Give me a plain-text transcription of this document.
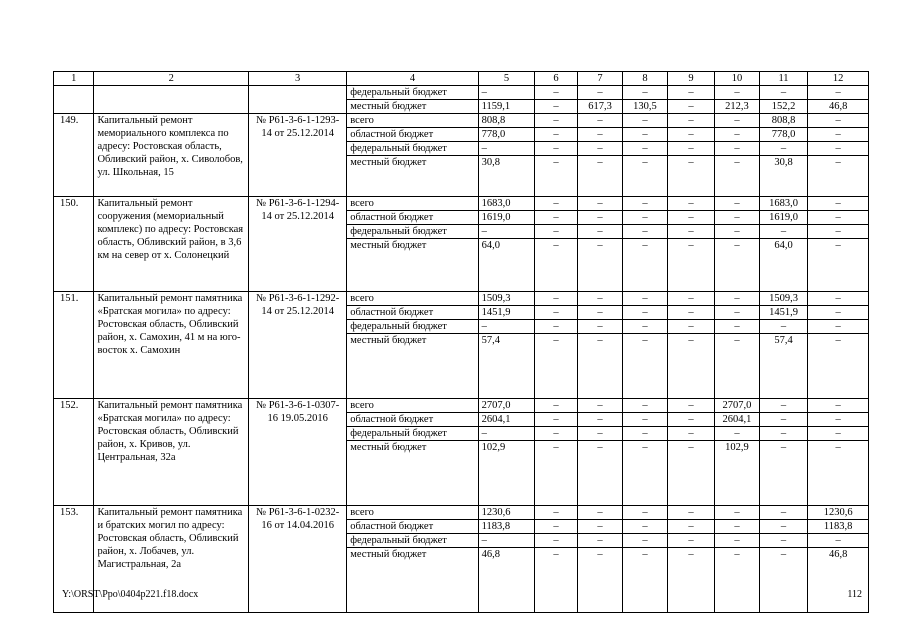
1	2	3	4	5	6	7	8	9	10	11	12
			федеральный бюджет	–	–	–	–	–	–	–	–
			местный бюджет	1159,1	–	617,3	130,5	–	212,3	152,2	46,8
149.	Капитальный ремонт мемориального комплекса по адресу: Ростовская область, Обливский район, х. Сиволобов, ул. Школьная, 15	№ Р61-3-6-1-1293-14 от 25.12.2014	всего	808,8	–	–	–	–	–	808,8	–
			областной бюджет	778,0	–	–	–	–	–	778,0	–
			федеральный бюджет	–	–	–	–	–	–	–	–
			местный бюджет	30,8	–	–	–	–	–	30,8	–
150.	Капитальный ремонт сооружения (мемориальный комплекс) по адресу: Ростовская область, Обливский район, в 3,6 км на север от х. Солонецкий	№ Р61-3-6-1-1294-14 от 25.12.2014	всего	1683,0	–	–	–	–	–	1683,0	–
			областной бюджет	1619,0	–	–	–	–	–	1619,0	–
			федеральный бюджет	–	–	–	–	–	–	–	–
			местный бюджет	64,0	–	–	–	–	–	64,0	–
151.	Капитальный ремонт памятника «Братская могила» по адресу: Ростовская область, Обливский район, х. Самохин, 41 м на юго-восток х. Самохин	№ Р61-3-6-1-1292-14 от 25.12.2014	всего	1509,3	–	–	–	–	–	1509,3	–
			областной бюджет	1451,9	–	–	–	–	–	1451,9	–
			федеральный бюджет	–	–	–	–	–	–	–	–
			местный бюджет	57,4	–	–	–	–	–	57,4	–
152.	Капитальный ремонт памятника «Братская могила» по адресу: Ростовская область, Обливский район, х. Кривов, ул. Центральная, 32а	№ Р61-3-6-1-0307-16 19.05.2016	всего	2707,0	–	–	–	–	2707,0	–	–
			областной бюджет	2604,1	–	–	–	–	2604,1	–	–
			федеральный бюджет	–	–	–	–	–	–	–	–
			местный бюджет	102,9	–	–	–	–	102,9	–	–
153.	Капитальный ремонт памятника и братских могил по адресу: Ростовская область, Обливский район, х. Лобачев, ул. Магистральная, 2а	№ Р61-3-6-1-0232-16 от 14.04.2016	всего	1230,6	–	–	–	–	–	–	1230,6
			областной бюджет	1183,8	–	–	–	–	–	–	1183,8
			федеральный бюджет	–	–	–	–	–	–	–	–
			местный бюджет	46,8	–	–	–	–	–	–	46,8
Y:\ORST\Ppo\0404p221.f18.docx	112
